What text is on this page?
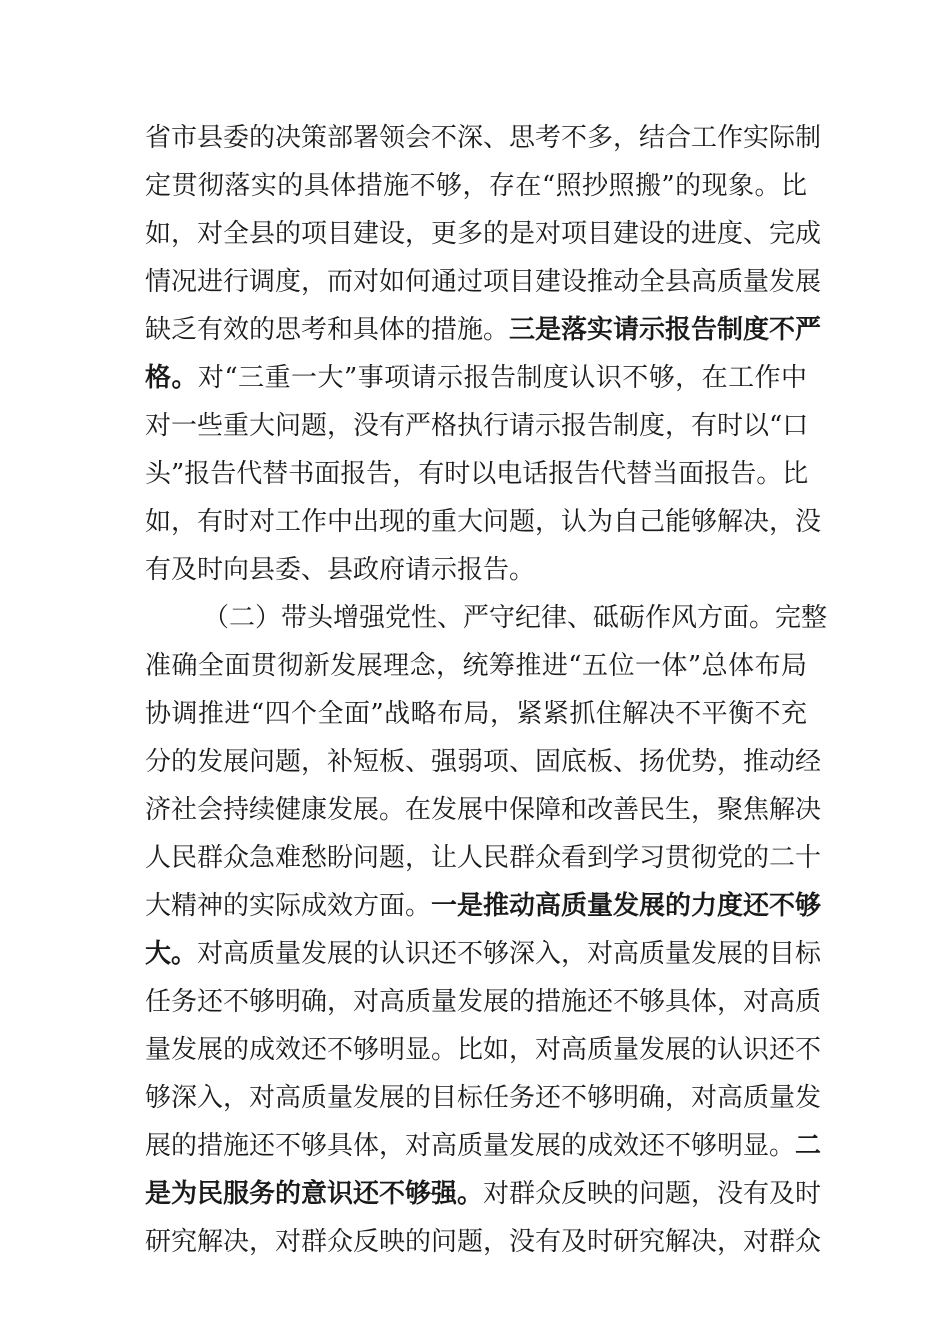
省市县委的决策部署领会不深、思考不多，结合工作实际制
定贯彻落实的具体措施不够，存在“照抄照搬”的现象。比
如，对全县的项目建设，更多的是对项目建设的进度、完成
情况进行调度，而对如何通过项目建设推动全县高质量发展
缺乏有效的思考和具体的措施。三是落实请示报告制度不严
格。对“三重一大”事项请示报告制度认识不够，在工作中
对一些重大问题，没有严格执行请示报告制度，有时以“口
头”报告代替书面报告，有时以电话报告代替当面报告。比
如，有时对工作中出现的重大问题，认为自己能够解决，没
有及时向县委、县政府请示报告。
（二）带头增强党性、严守纪律、砥砺作风方面。完整
准确全面贯彻新发展理念，统筹推进“五位一体”总体布局
协调推进“四个全面”战略布局，紧紧抓住解决不平衡不充
分的发展问题，补短板、强弱项、固底板、扬优势，推动经
济社会持续健康发展。在发展中保障和改善民生，聚焦解决
人民群众急难愁盼问题，让人民群众看到学习贯彻党的二十
大精神的实际成效方面。一是推动高质量发展的力度还不够
大。对高质量发展的认识还不够深入，对高质量发展的目标
任务还不够明确，对高质量发展的措施还不够具体，对高质
量发展的成效还不够明显。比如，对高质量发展的认识还不
够深入，对高质量发展的目标任务还不够明确，对高质量发
展的措施还不够具体，对高质量发展的成效还不够明显。二
是为民服务的意识还不够强。对群众反映的问题，没有及时
研究解决，对群众反映的问题，没有及时研究解决，对群众
